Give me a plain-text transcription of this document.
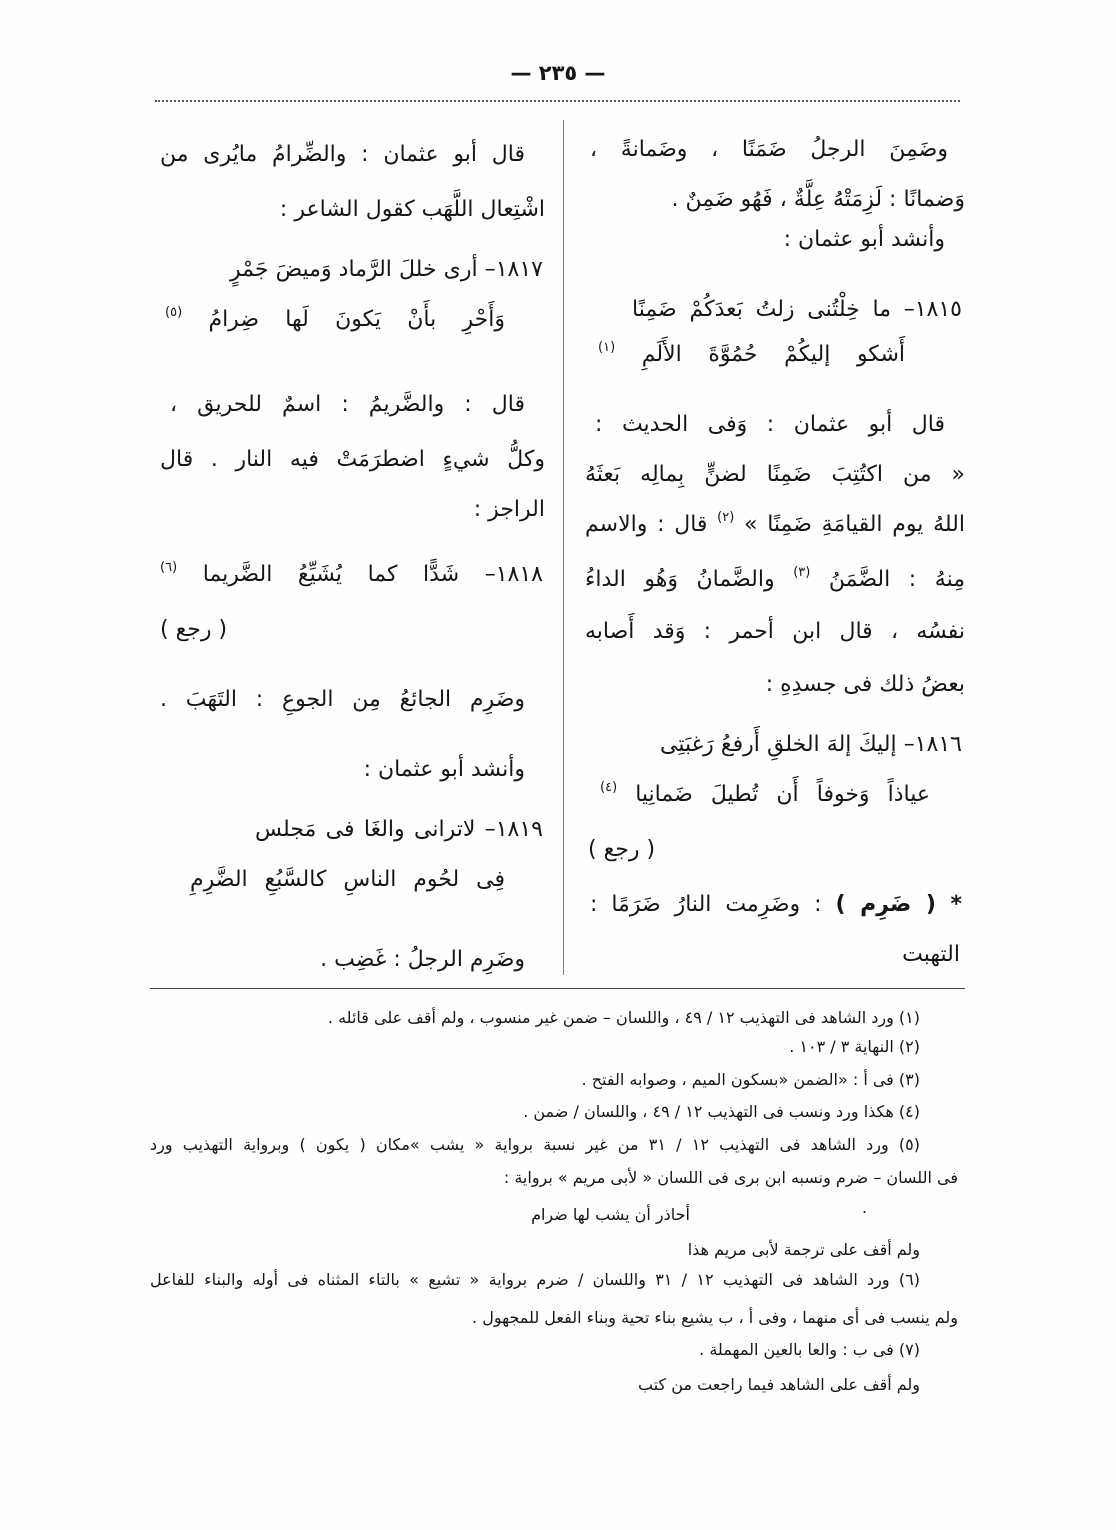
— ٢٣٥ —
وضَمِنَ الرجلُ ضَمَنًا ، وضَمانةً ،
وَضمانًا : لَزِمَتْهُ عِلَّةٌ ، فَهُو ضَمِنٌ .
وأنشد أبو عثمان :
١٨١٥– ما خِلْتُنى زلتُ بَعدَكُمْ ضَمِنًا
أَشكو إليكُمْ حُمُوَّةَ الأَلَمِ $^{(١)}$
قال أبو عثمان : وَفى الحديث :
« من اكتُتِبَ ضَمِنًا لضنٍّ بِمالِه بَعثَهُ
اللهُ يوم القيامَةِ ضَمِنًا » $^{(٢)}$ قال : والاسم
مِنهُ : الضَّمَنُ $^{(٣)}$ والضَّمانُ وَهُو الداءُ
نفسُه ، قال ابن أحمر : وَقد أَصابه
بعضُ ذلك فى جسدِهِ :
١٨١٦– إليكَ إلهَ الخلقِ أَرفعُ رَغبَتِى
عياذاً وَخوفاً أَن تُطيلَ ضَمانِيا $^{(٤)}$
( رجع )
* ( ضَرِم ) : وضَرِمت النارُ ضَرَمًا :
التهبت
قال أبو عثمان : والضِّرامُ مايُرى من
اشْتِعال اللَّهَب كقول الشاعر :
١٨١٧– أرى خللَ الرَّماد وَميضَ جَمْرٍ
وَأَحْرِ بأَنْ يَكونَ لَها ضِرامُ $^{(٥)}$
قال : والضَّريمُ : اسمٌ للحريق ،
وكلُّ شيءٍ اضطرَمَتْ فيه النار . قال
الراجز :
١٨١٨– شَدًّا كما يُشَيِّعُ الضَّريما $^{(٦)}$
( رجع )
وضَرِم الجائعُ مِن الجوعِ : التَهَبَ .
وأنشد أبو عثمان :
١٨١٩– لاترانى والغَا فى مَجلس
فِى لحُوم الناسِ كالسَّبُعِ الضَّرِمِ
وضَرِم الرجلُ : غَضِب .
(١) ورد الشاهد فى التهذيب ١٢ / ٤٩ ، واللسان – ضمن غير منسوب ، ولم أقف على قائله .
(٢) النهاية ٣ / ١٠٣ .
(٣) فى أ : «الضمن «بسكون الميم ، وصوابه الفتح .
(٤) هكذا ورد ونسب فى التهذيب ١٢ / ٤٩ ، واللسان / ضمن .
(٥) ورد الشاهد فى التهذيب ١٢ / ٣١ من غير نسبة برواية « يشب »مكان ( يكون ) وبرواية التهذيب ورد
فى اللسان – ضرم ونسبه ابن برى فى اللسان « لأبى مريم » برواية :
.
أحاذر أن يشب لها ضرام
ولم أقف على ترجمة لأبى مريم هذا
(٦) ورد الشاهد فى التهذيب ١٢ / ٣١ واللسان / ضرم برواية « تشيع » بالتاء المثناه فى أوله والبناء للفاعل
ولم ينسب فى أى منهما ، وفى أ ، ب يشيع بناء تحية وبناء الفعل للمجهول .
(٧) فى ب : والعا بالعين المهملة .
ولم أقف على الشاهد فيما راجعت من كتب
